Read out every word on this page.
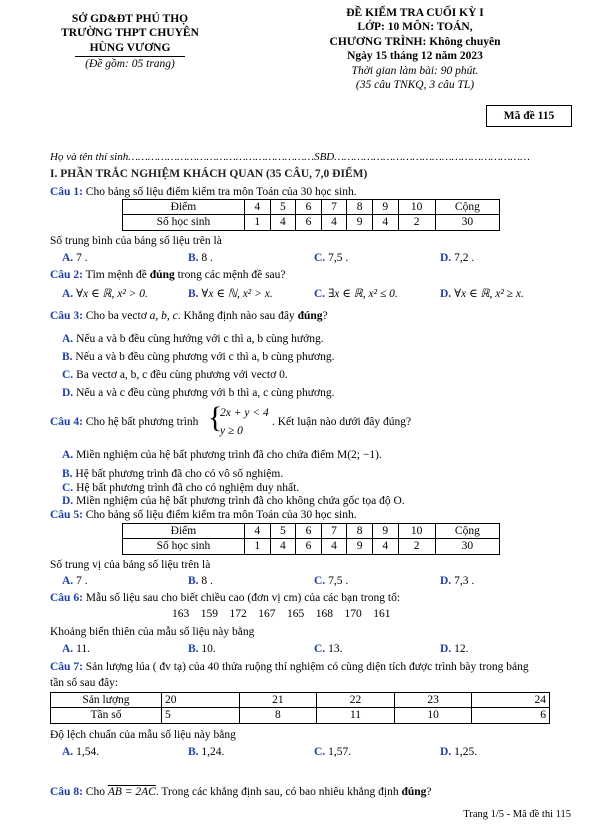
SỞ GD&ĐT PHÚ THỌ
TRƯỜNG THPT CHUYÊN
HÙNG VƯƠNG
(Đề gồm: 05 trang)
ĐỀ KIỂM TRA CUỐI KỲ I
LỚP: 10 MÔN: TOÁN,
CHƯƠNG TRÌNH: Không chuyên
Ngày 15 tháng 12 năm 2023
Thời gian làm bài: 90 phút.
(35 câu TNKQ, 3 câu TL)
Mã đề 115
Họ và tên thí sinh…………………………………………………SBD……………………………………………………
I. PHẦN TRẮC NGHIỆM KHÁCH QUAN (35 CÂU, 7,0 ĐIỂM)
Câu 1: Cho bảng số liệu điểm kiểm tra môn Toán của 30 học sinh.
Điểm	4	5	6	7	8	9	10	Cộng
Số học sinh	1	4	6	4	9	4	2	30
Số trung bình của bảng số liệu trên là
A. 7 .	B. 8 .	C. 7,5 .	D. 7,2 .
Câu 2: Tìm mệnh đề đúng trong các mệnh đề sau?
A. ∀x ∈ ℝ, x² > 0.	B. ∀x ∈ ℕ, x² > x.	C. ∃x ∈ ℝ, x² ≤ 0.	D. ∀x ∈ ℝ, x² ≥ x.
Câu 3: Cho ba vectơ a, b, c. Khẳng định nào sau đây đúng?
A. Nếu a và b đều cùng hướng với c thì a, b cùng hướng.
B. Nếu a và b đều cùng phương với c thì a, b cùng phương.
C. Ba vectơ a, b, c đều cùng phương với vectơ 0.
D. Nếu a và c đều cùng phương với b thì a, c cùng phương.
Câu 4: Cho hệ bất phương trình {
2x + y < 4
y ≥ 0
. Kết luận nào dưới đây đúng?
A. Miền nghiệm của hệ bất phương trình đã cho chứa điểm M(2; −1).
B. Hệ bất phương trình đã cho có vô số nghiệm.
C. Hệ bất phương trình đã cho có nghiệm duy nhất.
D. Miền nghiệm của hệ bất phương trình đã cho không chứa gốc tọa độ O.
Câu 5: Cho bảng số liệu điểm kiểm tra môn Toán của 30 học sinh.
Điểm	4	5	6	7	8	9	10	Cộng
Số học sinh	1	4	6	4	9	4	2	30
Số trung vị của bảng số liệu trên là
A. 7 .	B. 8 .	C. 7,5 .	D. 7,3 .
Câu 6: Mẫu số liệu sau cho biết chiều cao (đơn vị cm) của các bạn trong tổ:
163    159    172    167    165    168    170    161
Khoảng biến thiên của mẫu số liệu này bằng
A. 11.	B. 10.	C. 13.	D. 12.
Câu 7: Sản lượng lúa ( đv tạ) của 40 thửa ruộng thí nghiệm có cùng diện tích được trình bày trong bảng
tần số sau đây:
Sản lượng	20	21	22	23	24
Tần số	5	8	11	10	6
Độ lệch chuẩn của mẫu số liệu này bằng
A. 1,54.	B. 1,24.	C. 1,57.	D. 1,25.
Câu 8: Cho AB = 2AC. Trong các khẳng định sau, có bao nhiêu khẳng định đúng?
Trang 1/5 - Mã đề thi 115
